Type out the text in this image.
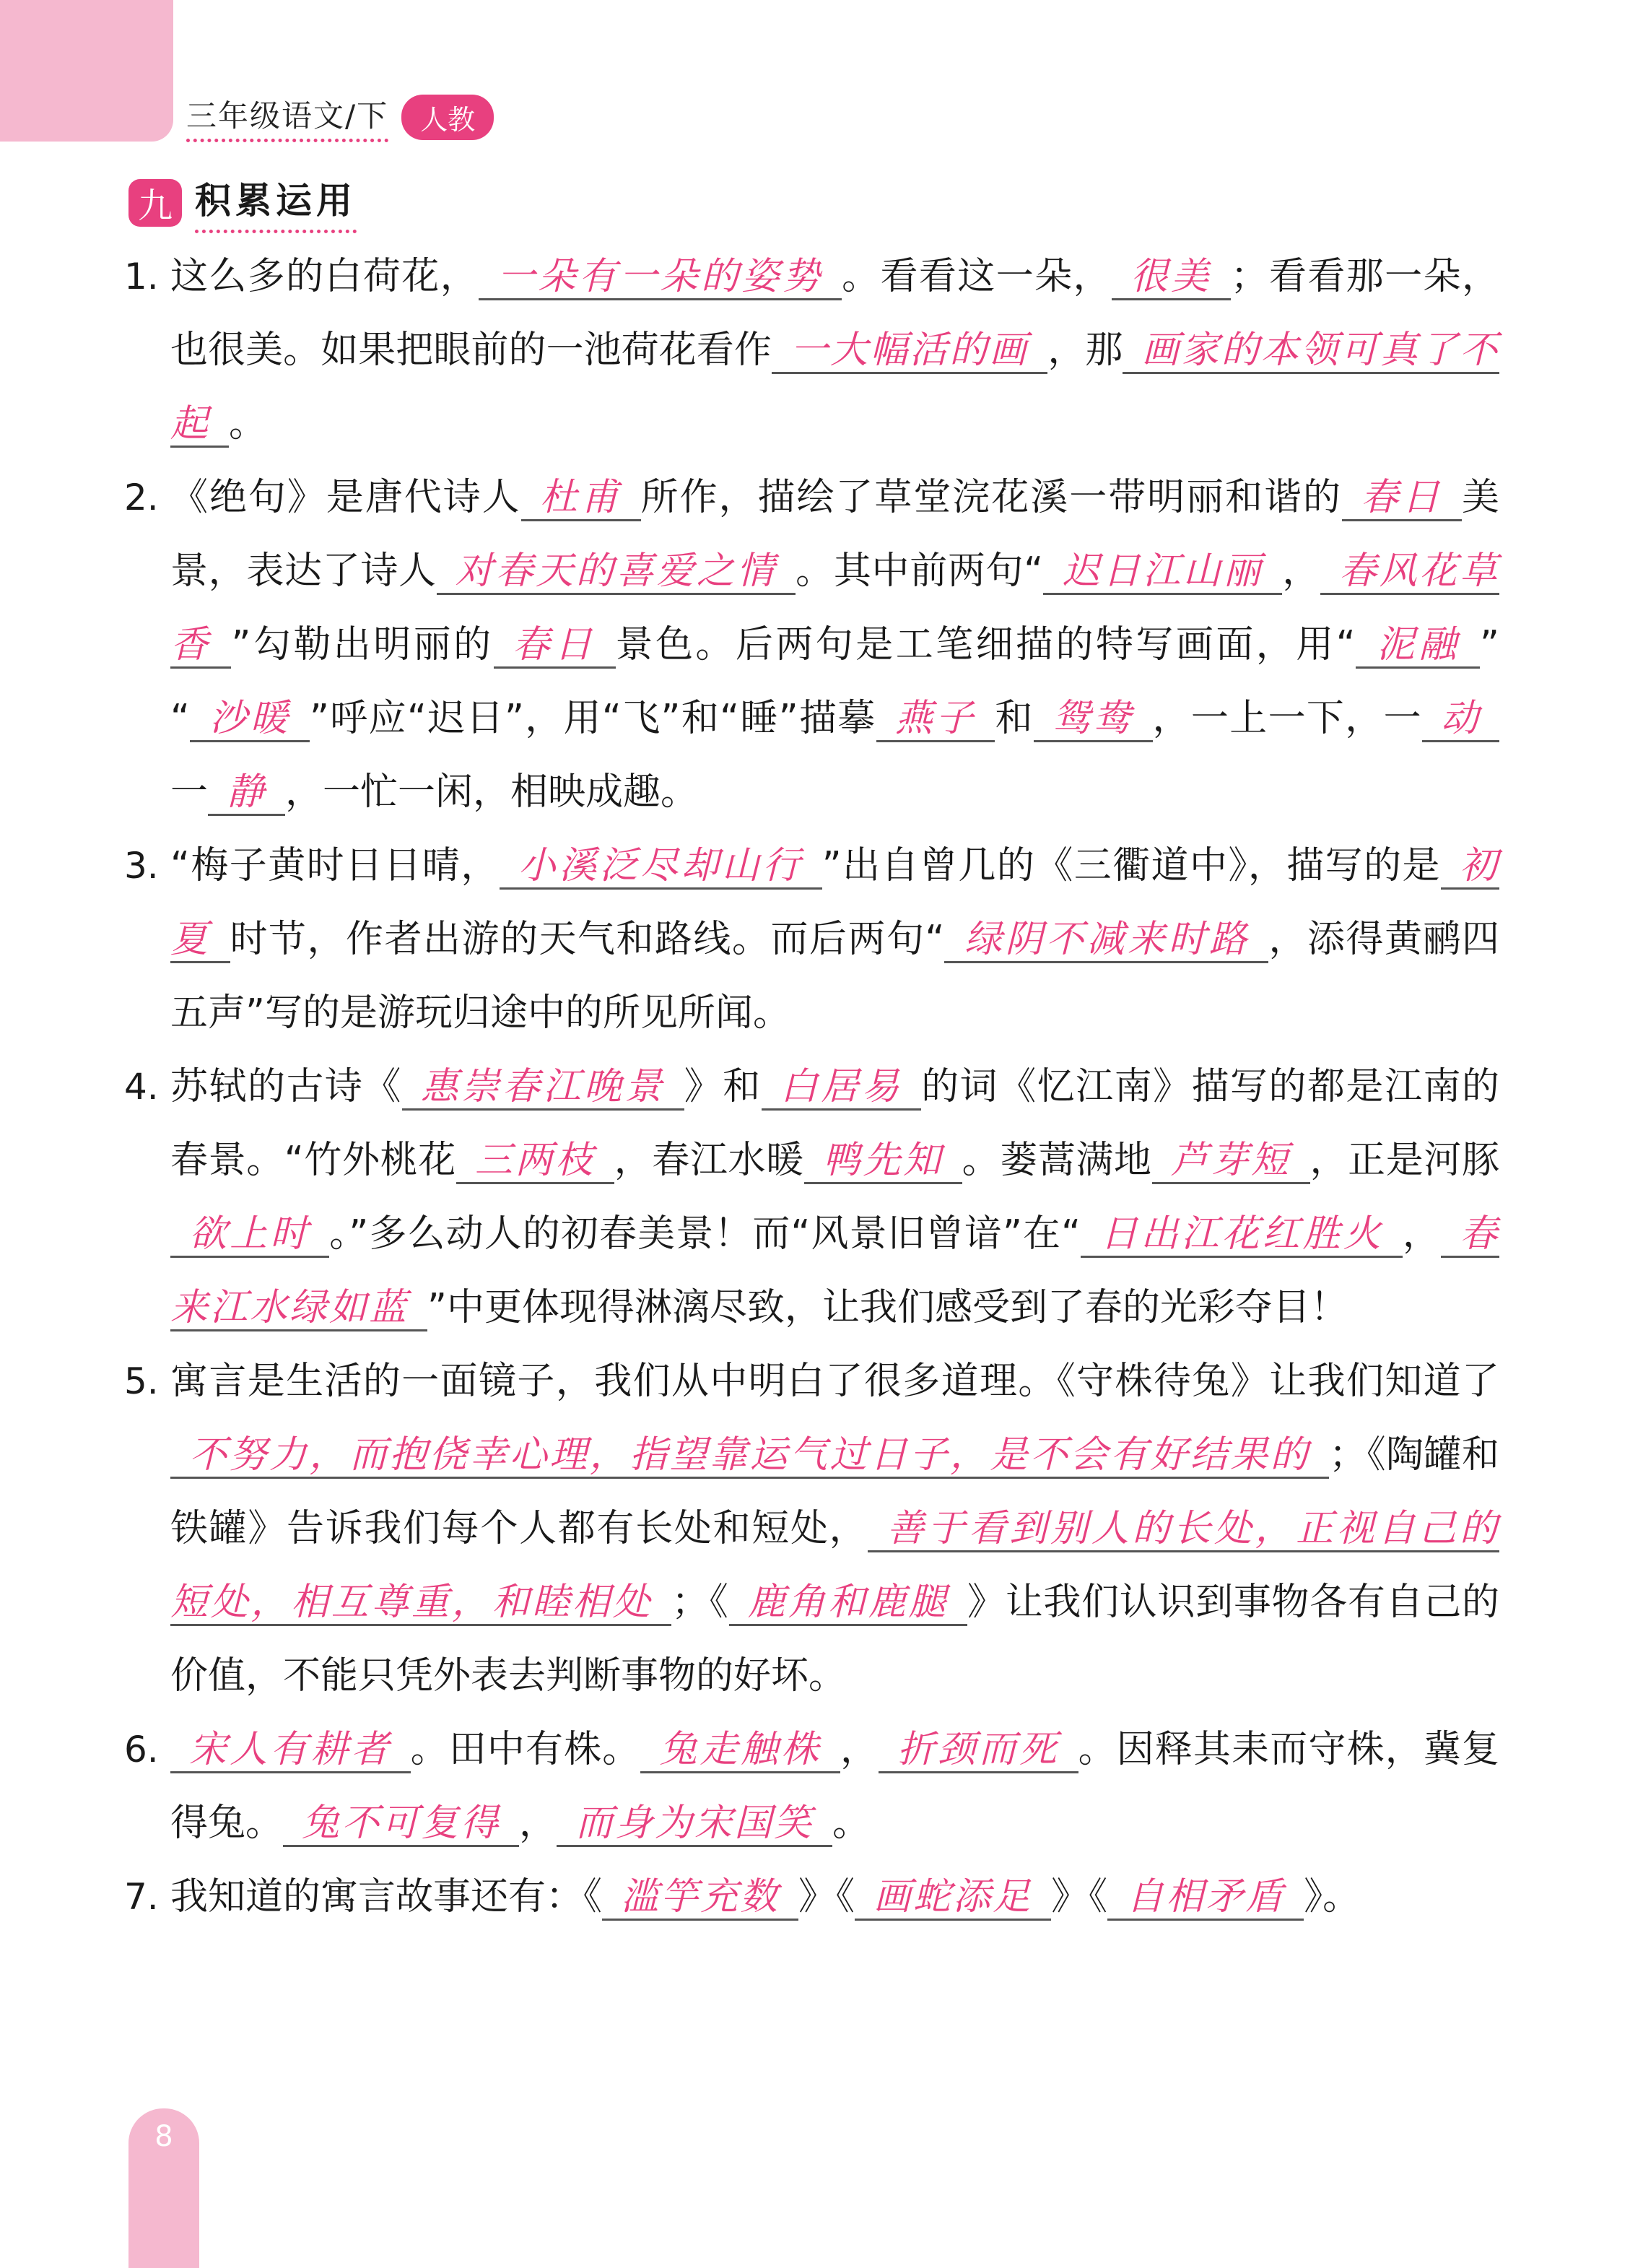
三年级语文/下	人教
九 积累运用
1. 这么多的白荷花， 一朵有一朵的姿势 。看看这一朵， 很美 ；看看那一朵，也很美。如果把眼前的一池荷花看作 一大幅活的画 ，那 画家的本领可真了不起 。
2. 《绝句》是唐代诗人 杜甫 所作，描绘了草堂浣花溪一带明丽和谐的 春日 美景，表达了诗人 对春天的喜爱之情 。其中前两句“ 迟日江山丽 ， 春风花草香 ”勾勒出明丽的 春日 景色。后两句是工笔细描的特写画面，用“ 泥融 ” “ 沙暖 ”呼应“迟日”，用“飞”和“睡”描摹 燕子 和 鸳鸯 ，一上一下，一 动一 静 ，一忙一闲，相映成趣。
3. “梅子黄时日日晴， 小溪泛尽却山行 ”出自曾几的《三衢道中》，描写的是 初夏 时节，作者出游的天气和路线。而后两句“ 绿阴不减来时路 ，添得黄鹂四五声”写的是游玩归途中的所见所闻。
4. 苏轼的古诗《 惠崇春江晚景 》和 白居易 的词《忆江南》描写的都是江南的春景。“竹外桃花 三两枝 ，春江水暖 鸭先知 。蒌蒿满地 芦芽短 ，正是河豚欲上时 。”多么动人的初春美景！而“风景旧曾谙”在“ 日出江花红胜火 ， 春来江水绿如蓝 ”中更体现得淋漓尽致，让我们感受到了春的光彩夺目！
5. 寓言是生活的一面镜子，我们从中明白了很多道理。《守株待兔》让我们知道了不努力，而抱侥幸心理，指望靠运气过日子，是不会有好结果的 ；《陶罐和铁罐》告诉我们每个人都有长处和短处， 善于看到别人的长处，正视自己的短处，相互尊重，和睦相处 ；《 鹿角和鹿腿 》让我们认识到事物各有自己的价值，不能只凭外表去判断事物的好坏。
6. 宋人有耕者 。田中有株。 兔走触株 ， 折颈而死 。因释其耒而守株，冀复得兔。 兔不可复得 ， 而身为宋国笑 。
7. 我知道的寓言故事还有：《 滥竽充数 》《 画蛇添足 》《 自相矛盾 》。
8
